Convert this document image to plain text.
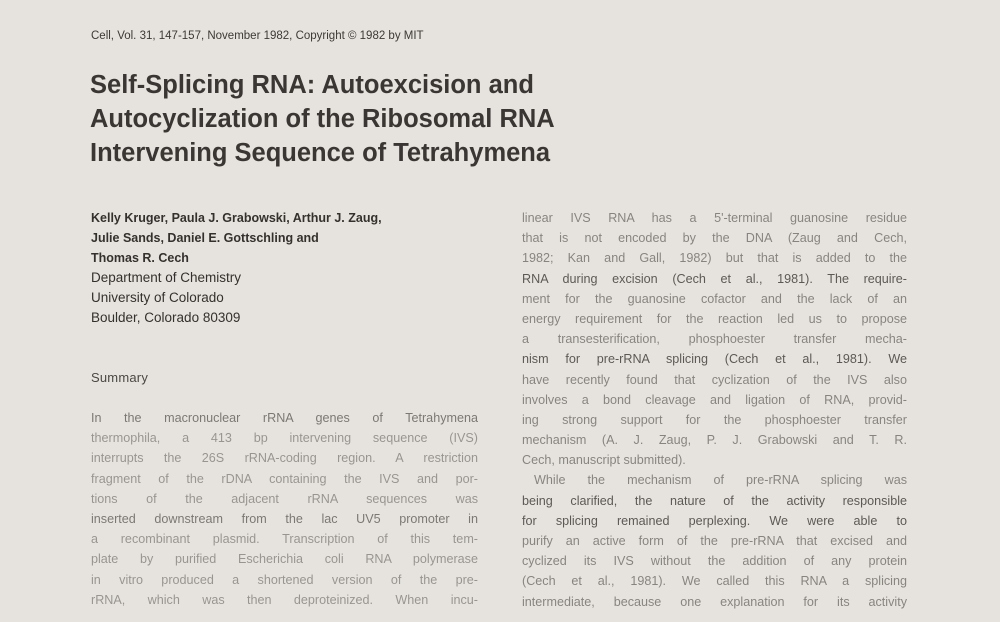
Cell, Vol. 31, 147-157, November 1982, Copyright © 1982 by MIT
Self-Splicing RNA: Autoexcision and
Autocyclization of the Ribosomal RNA
Intervening Sequence of Tetrahymena
Kelly Kruger, Paula J. Grabowski, Arthur J. Zaug,
Julie Sands, Daniel E. Gottschling and
Thomas R. Cech
Department of Chemistry
University of Colorado
Boulder, Colorado 80309
Summary
In the macronuclear rRNA genes of Tetrahymena
thermophila, a 413 bp intervening sequence (IVS)
interrupts the 26S rRNA-coding region. A restriction
fragment of the rDNA containing the IVS and por-
tions of the adjacent rRNA sequences was
inserted downstream from the lac UV5 promoter in
a recombinant plasmid. Transcription of this tem-
plate by purified Escherichia coli RNA polymerase
in vitro produced a shortened version of the pre-
rRNA, which was then deproteinized. When incu-
linear IVS RNA has a 5'-terminal guanosine residue
that is not encoded by the DNA (Zaug and Cech,
1982; Kan and Gall, 1982) but that is added to the
RNA during excision (Cech et al., 1981). The require-
ment for the guanosine cofactor and the lack of an
energy requirement for the reaction led us to propose
a transesterification, phosphoester transfer mecha-
nism for pre-rRNA splicing (Cech et al., 1981). We
have recently found that cyclization of the IVS also
involves a bond cleavage and ligation of RNA, provid-
ing strong support for the phosphoester transfer
mechanism (A. J. Zaug, P. J. Grabowski and T. R.
Cech, manuscript submitted).
While the mechanism of pre-rRNA splicing was
being clarified, the nature of the activity responsible
for splicing remained perplexing. We were able to
purify an active form of the pre-rRNA that excised and
cyclized its IVS without the addition of any protein
(Cech et al., 1981). We called this RNA a splicing
intermediate, because one explanation for its activity
